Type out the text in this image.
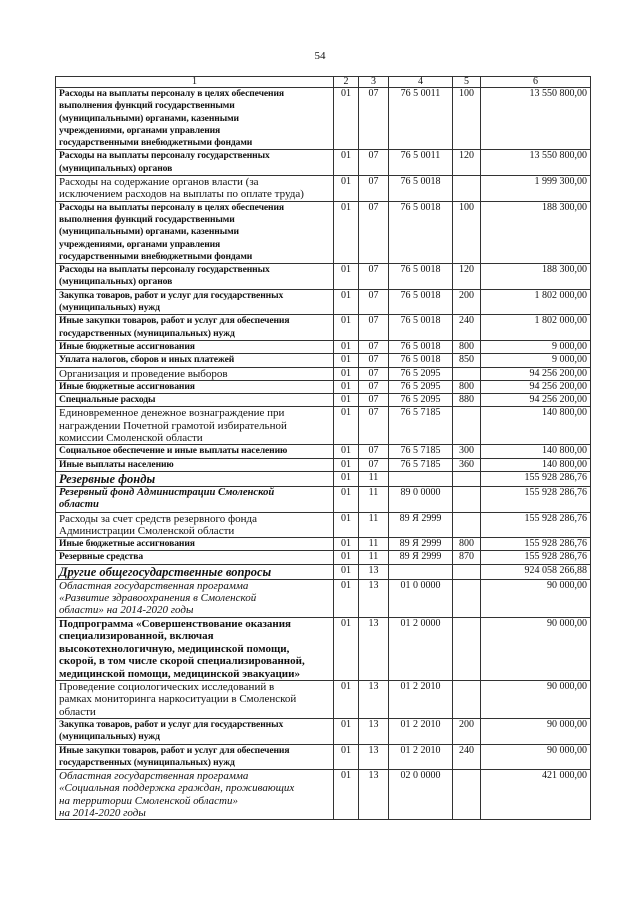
54
1	2	3	4	5	6
Расходы на выплаты персоналу в целях обеспечения
выполнения функций государственными
(муниципальными) органами, казенными
учреждениями, органами управления
государственными внебюджетными фондами	01	07	76 5 0011	100	13 550 800,00
Расходы на выплаты персоналу государственных
(муниципальных) органов	01	07	76 5 0011	120	13 550 800,00
Расходы на содержание органов власти (за
исключением расходов на выплаты по оплате труда)	01	07	76 5 0018		1 999 300,00
Расходы на выплаты персоналу в целях обеспечения
выполнения функций государственными
(муниципальными) органами, казенными
учреждениями, органами управления
государственными внебюджетными фондами	01	07	76 5 0018	100	188 300,00
Расходы на выплаты персоналу государственных
(муниципальных) органов	01	07	76 5 0018	120	188 300,00
Закупка товаров, работ и услуг для государственных
(муниципальных) нужд	01	07	76 5 0018	200	1 802 000,00
Иные закупки товаров, работ и услуг для обеспечения
государственных (муниципальных) нужд	01	07	76 5 0018	240	1 802 000,00
Иные бюджетные ассигнования	01	07	76 5 0018	800	9 000,00
Уплата налогов, сборов и иных платежей	01	07	76 5 0018	850	9 000,00
Организация и проведение выборов	01	07	76 5 2095		94 256 200,00
Иные бюджетные ассигнования	01	07	76 5 2095	800	94 256 200,00
Специальные расходы	01	07	76 5 2095	880	94 256 200,00
Единовременное денежное вознаграждение при
награждении Почетной грамотой избирательной
комиссии Смоленской области	01	07	76 5 7185		140 800,00
Социальное обеспечение и иные выплаты населению	01	07	76 5 7185	300	140 800,00
Иные выплаты населению	01	07	76 5 7185	360	140 800,00
Резервные фонды	01	11			155 928 286,76
Резервный фонд Администрации Смоленской
области	01	11	89 0 0000		155 928 286,76
Расходы за счет средств резервного фонда
Администрации Смоленской области	01	11	89 Я 2999		155 928 286,76
Иные бюджетные ассигнования	01	11	89 Я 2999	800	155 928 286,76
Резервные средства	01	11	89 Я 2999	870	155 928 286,76
Другие общегосударственные вопросы	01	13			924 058 266,88
Областная государственная программа
«Развитие здравоохранения в Смоленской
области» на 2014-2020 годы	01	13	01 0 0000		90 000,00
Подпрограмма «Совершенствование оказания
специализированной, включая
высокотехнологичную, медицинской помощи,
скорой, в том числе скорой специализированной,
медицинской помощи, медицинской эвакуации»	01	13	01 2 0000		90 000,00
Проведение социологических исследований в
рамках мониторинга наркоситуации в Смоленской
области	01	13	01 2 2010		90 000,00
Закупка товаров, работ и услуг для государственных
(муниципальных) нужд	01	13	01 2 2010	200	90 000,00
Иные закупки товаров, работ и услуг для обеспечения
государственных (муниципальных) нужд	01	13	01 2 2010	240	90 000,00
Областная государственная программа
«Социальная поддержка граждан, проживающих
на территории Смоленской области»
на 2014-2020 годы	01	13	02 0 0000		421 000,00
